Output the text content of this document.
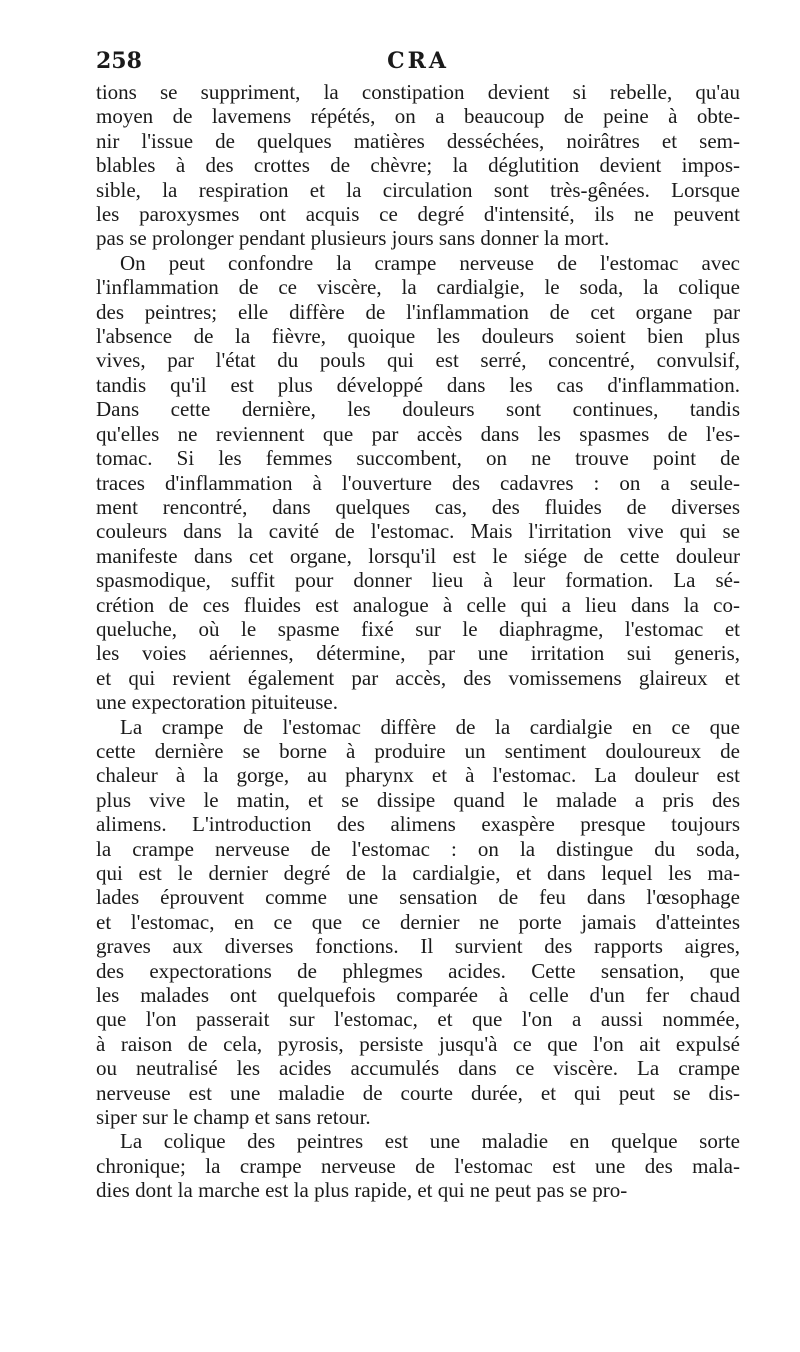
258	CRA
tions se suppriment, la constipation devient si rebelle, qu'au
moyen de lavemens répétés, on a beaucoup de peine à obte-
nir l'issue de quelques matières desséchées, noirâtres et sem-
blables à des crottes de chèvre; la déglutition devient impos-
sible, la respiration et la circulation sont très-gênées. Lorsque
les paroxysmes ont acquis ce degré d'intensité, ils ne peuvent
pas se prolonger pendant plusieurs jours sans donner la mort.
On peut confondre la crampe nerveuse de l'estomac avec
l'inflammation de ce viscère, la cardialgie, le soda, la colique
des peintres; elle diffère de l'inflammation de cet organe par
l'absence de la fièvre, quoique les douleurs soient bien plus
vives, par l'état du pouls qui est serré, concentré, convulsif,
tandis qu'il est plus développé dans les cas d'inflammation.
Dans cette dernière, les douleurs sont continues, tandis
qu'elles ne reviennent que par accès dans les spasmes de l'es-
tomac. Si les femmes succombent, on ne trouve point de
traces d'inflammation à l'ouverture des cadavres : on a seule-
ment rencontré, dans quelques cas, des fluides de diverses
couleurs dans la cavité de l'estomac. Mais l'irritation vive qui se
manifeste dans cet organe, lorsqu'il est le siége de cette douleur
spasmodique, suffit pour donner lieu à leur formation. La sé-
crétion de ces fluides est analogue à celle qui a lieu dans la co-
queluche, où le spasme fixé sur le diaphragme, l'estomac et
les voies aériennes, détermine, par une irritation sui generis,
et qui revient également par accès, des vomissemens glaireux et
une expectoration pituiteuse.
La crampe de l'estomac diffère de la cardialgie en ce que
cette dernière se borne à produire un sentiment douloureux de
chaleur à la gorge, au pharynx et à l'estomac. La douleur est
plus vive le matin, et se dissipe quand le malade a pris des
alimens. L'introduction des alimens exaspère presque toujours
la crampe nerveuse de l'estomac : on la distingue du soda,
qui est le dernier degré de la cardialgie, et dans lequel les ma-
lades éprouvent comme une sensation de feu dans l'œsophage
et l'estomac, en ce que ce dernier ne porte jamais d'atteintes
graves aux diverses fonctions. Il survient des rapports aigres,
des expectorations de phlegmes acides. Cette sensation, que
les malades ont quelquefois comparée à celle d'un fer chaud
que l'on passerait sur l'estomac, et que l'on a aussi nommée,
à raison de cela, pyrosis, persiste jusqu'à ce que l'on ait expulsé
ou neutralisé les acides accumulés dans ce viscère. La crampe
nerveuse est une maladie de courte durée, et qui peut se dis-
siper sur le champ et sans retour.
La colique des peintres est une maladie en quelque sorte
chronique; la crampe nerveuse de l'estomac est une des mala-
dies dont la marche est la plus rapide, et qui ne peut pas se pro-
